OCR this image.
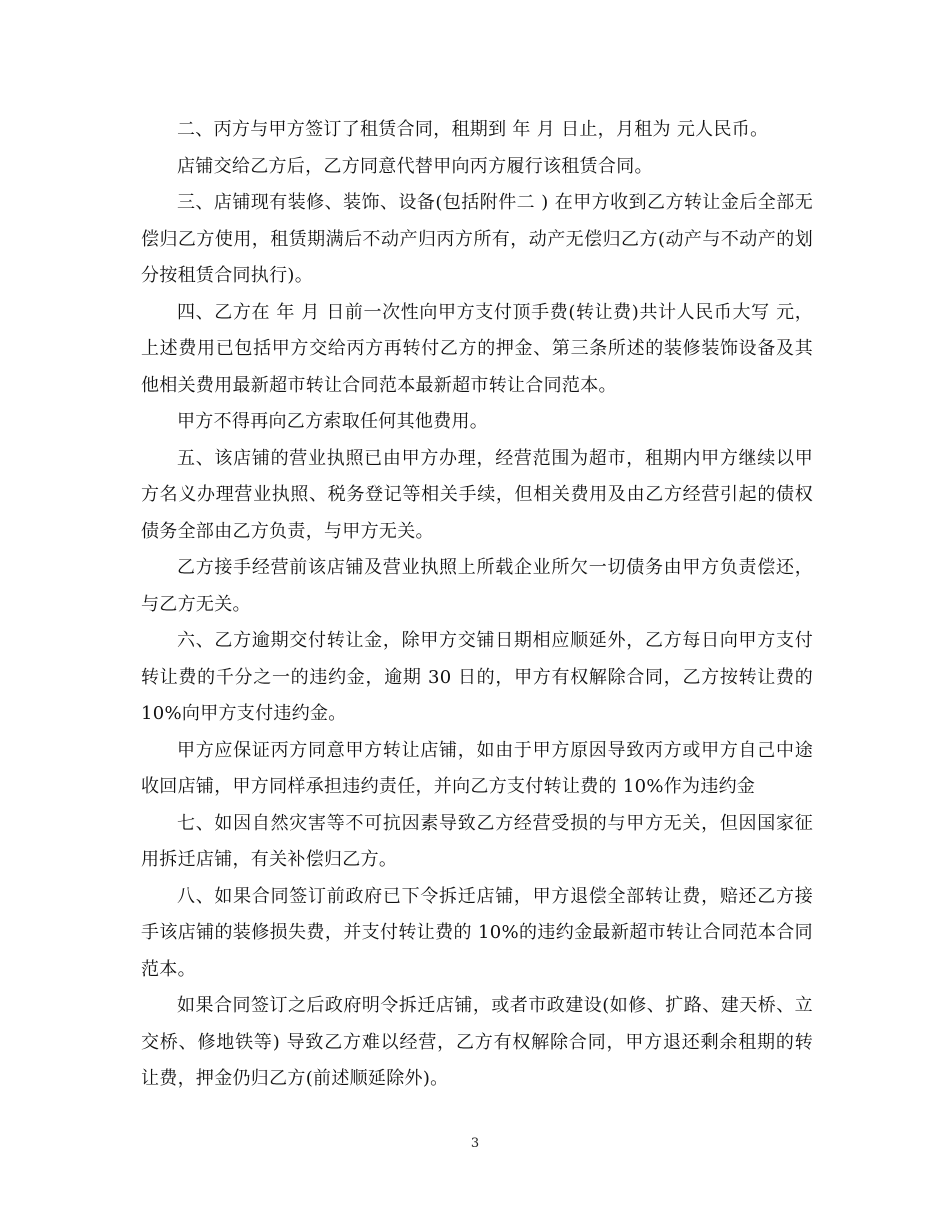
二、丙方与甲方签订了租赁合同，租期到 年 月 日止，月租为 元人民币。

店铺交给乙方后，乙方同意代替甲向丙方履行该租赁合同。

三、店铺现有装修、装饰、设备(包括附件二 ) 在甲方收到乙方转让金后全部无偿归乙方使用，租赁期满后不动产归丙方所有，动产无偿归乙方(动产与不动产的划分按租赁合同执行)。

四、乙方在 年 月 日前一次性向甲方支付顶手费(转让费)共计人民币大写 元，上述费用已包括甲方交给丙方再转付乙方的押金、第三条所述的装修装饰设备及其他相关费用最新超市转让合同范本最新超市转让合同范本。

甲方不得再向乙方索取任何其他费用。

五、该店铺的营业执照已由甲方办理，经营范围为超市，租期内甲方继续以甲方名义办理营业执照、税务登记等相关手续，但相关费用及由乙方经营引起的债权债务全部由乙方负责，与甲方无关。

乙方接手经营前该店铺及营业执照上所载企业所欠一切债务由甲方负责偿还，与乙方无关。

六、乙方逾期交付转让金，除甲方交铺日期相应顺延外，乙方每日向甲方支付转让费的千分之一的违约金，逾期 30 日的，甲方有权解除合同，乙方按转让费的 10%向甲方支付违约金。

甲方应保证丙方同意甲方转让店铺，如由于甲方原因导致丙方或甲方自己中途收回店铺，甲方同样承担违约责任，并向乙方支付转让费的 10%作为违约金

七、如因自然灾害等不可抗因素导致乙方经营受损的与甲方无关，但因国家征用拆迁店铺，有关补偿归乙方。

八、如果合同签订前政府已下令拆迁店铺，甲方退偿全部转让费，赔还乙方接手该店铺的装修损失费，并支付转让费的 10%的违约金最新超市转让合同范本合同范本。

如果合同签订之后政府明令拆迁店铺，或者市政建设(如修、扩路、建天桥、立交桥、修地铁等) 导致乙方难以经营，乙方有权解除合同，甲方退还剩余租期的转让费，押金仍归乙方(前述顺延除外)。

3
